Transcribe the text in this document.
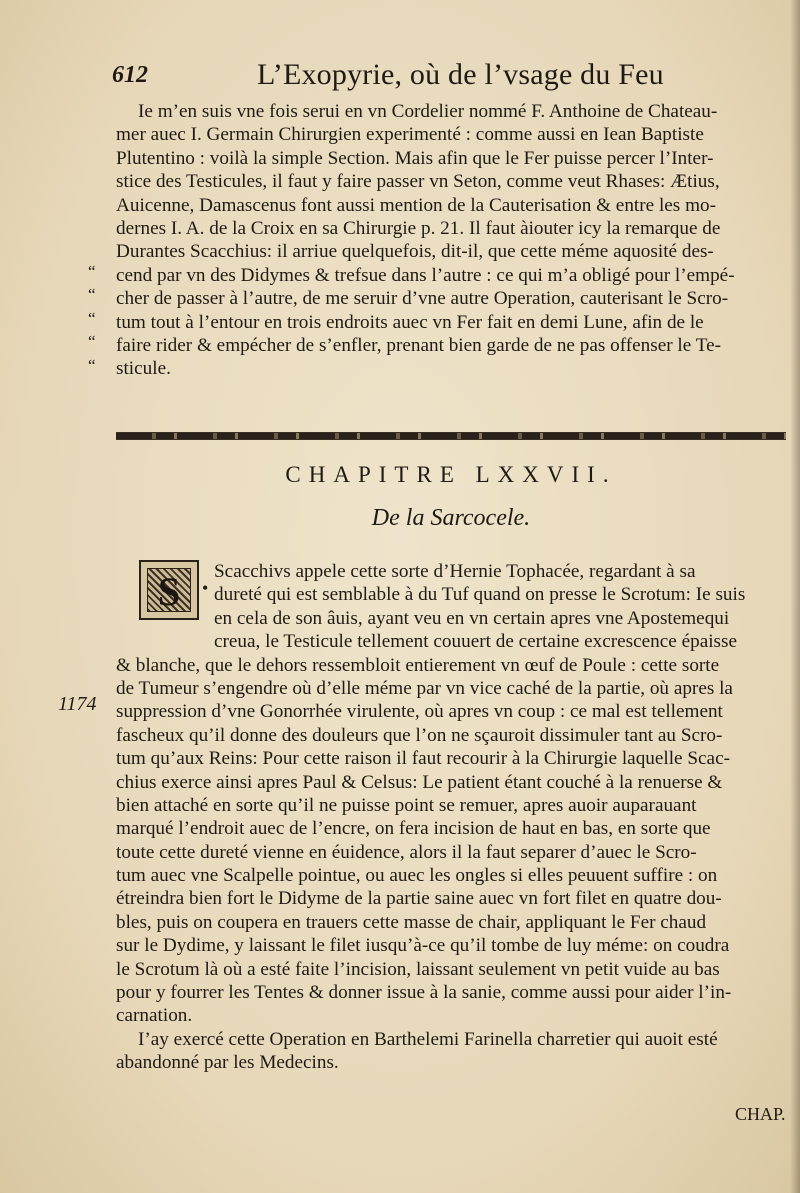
612	L’Exopyrie, où de l’vsage du Feu
Ie m’en suis vne fois serui en vn Cordelier nommé F. Anthoine de Chateau-
mer auec I. Germain Chirurgien experimenté : comme aussi en Iean Baptiste
Plutentino : voilà la simple Section. Mais afin que le Fer puisse percer l’Inter-
stice des Testicules, il faut y faire passer vn Seton, comme veut Rhases: Ætius,
Auicenne, Damascenus font aussi mention de la Cauterisation & entre les mo-
dernes I. A. de la Croix en sa Chirurgie p. 21. Il faut àiouter icy la remarque de
Durantes Scacchius: il arriue quelquefois, dit-il, que cette méme aquosité des-
cend par vn des Didymes & trefsue dans l’autre : ce qui m’a obligé pour l’empé-
cher de passer à l’autre, de me seruir d’vne autre Operation, cauterisant le Scro-
tum tout à l’entour en trois endroits auec vn Fer fait en demi Lune, afin de le
faire rider & empécher de s’enfler, prenant bien garde de ne pas offenser le Te-
sticule.
“
“
“
“
“
CHAPITRE LXXVII.
De la Sarcocele.
S	•
Scacchivs appele cette sorte d’Hernie Tophacée, regardant à sa
dureté qui est semblable à du Tuf quand on presse le Scrotum: Ie suis
en cela de son âuis, ayant veu en vn certain apres vne Apostemequi
creua, le Testicule tellement couuert de certaine excrescence épaisse
& blanche, que le dehors ressembloit entierement vn œuf de Poule : cette sorte
de Tumeur s’engendre où d’elle méme par vn vice caché de la partie, où apres la
suppression d’vne Gonorrhée virulente, où apres vn coup : ce mal est tellement
fascheux qu’il donne des douleurs que l’on ne sçauroit dissimuler tant au Scro-
tum qu’aux Reins: Pour cette raison il faut recourir à la Chirurgie laquelle Scac-
chius exerce ainsi apres Paul & Celsus: Le patient étant couché à la renuerse &
bien attaché en sorte qu’il ne puisse point se remuer, apres auoir auparauant
marqué l’endroit auec de l’encre, on fera incision de haut en bas, en sorte que
toute cette dureté vienne en éuidence, alors il la faut separer d’auec le Scro-
tum auec vne Scalpelle pointue, ou auec les ongles si elles peuuent suffire : on
étreindra bien fort le Didyme de la partie saine auec vn fort filet en quatre dou-
bles, puis on coupera en trauers cette masse de chair, appliquant le Fer chaud
sur le Dydime, y laissant le filet iusqu’à-ce qu’il tombe de luy méme: on coudra
le Scrotum là où a esté faite l’incision, laissant seulement vn petit vuide au bas
pour y fourrer les Tentes & donner issue à la sanie, comme aussi pour aider l’in-
carnation.
I’ay exercé cette Operation en Barthelemi Farinella charretier qui auoit esté
abandonné par les Medecins.
1174
CHAP.
